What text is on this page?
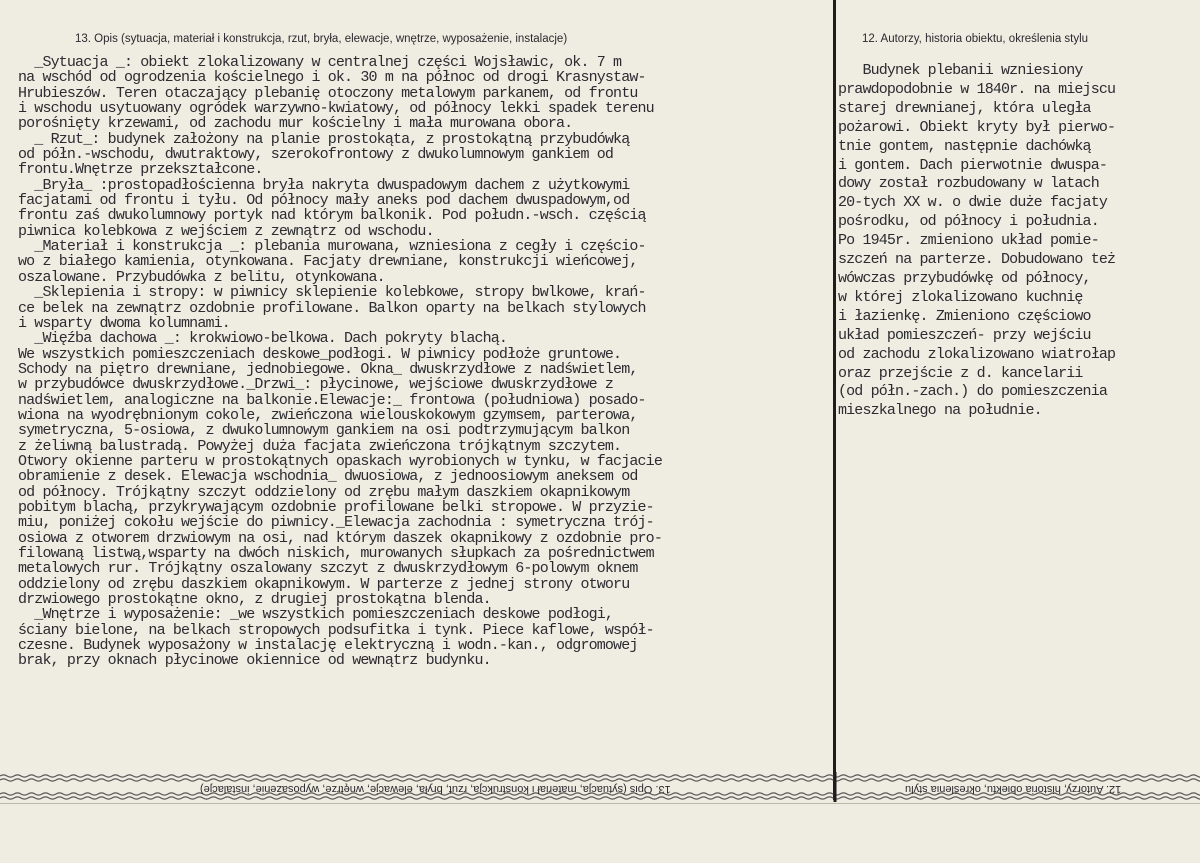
13. Opis (sytuacja, materiał i konstrukcja, rzut, bryła, elewacje, wnętrze, wyposażenie, instalacje)	12. Autorzy, historia obiektu, określenia stylu
_Sytuacja _: obiekt zlokalizowany w centralnej części Wojsławic, ok. 7 m
na wschód od ogrodzenia kościelnego i ok. 30 m na północ od drogi Krasnystaw-
Hrubieszów. Teren otaczający plebanię otoczony metalowym parkanem, od frontu
i wschodu usytuowany ogródek warzywno-kwiatowy, od północy lekki spadek terenu
porośnięty krzewami, od zachodu mur kościelny i mała murowana obora.
_ Rzut_: budynek założony na planie prostokąta, z prostokątną przybudówką
od półn.-wschodu, dwutraktowy, szerokofrontowy z dwukolumnowym gankiem od
frontu.Wnętrze przekształcone.
_Bryła_ :prostopadłościenna bryła nakryta dwuspadowym dachem z użytkowymi
facjatami od frontu i tyłu. Od północy mały aneks pod dachem dwuspadowym,od
frontu zaś dwukolumnowy portyk nad którym balkonik. Pod połudn.-wsch. częścią
piwnica kolebkowa z wejściem z zewnątrz od wschodu.
_Materiał i konstrukcja _: plebania murowana, wzniesiona z cegły i częścio-
wo z białego kamienia, otynkowana. Facjaty drewniane, konstrukcji wieńcowej,
oszalowane. Przybudówka z belitu, otynkowana.
_Sklepienia i stropy: w piwnicy sklepienie kolebkowe, stropy bwlkowe, krań-
ce belek na zewnątrz ozdobnie profilowane. Balkon oparty na belkach stylowych
i wsparty dwoma kolumnami.
_Więźba dachowa _: krokwiowo-belkowa. Dach pokryty blachą.
We wszystkich pomieszczeniach deskowe_podłogi. W piwnicy podłoże gruntowe.
Schody na piętro drewniane, jednobiegowe. Okna_ dwuskrzydłowe z nadświetlem,
w przybudówce dwuskrzydłowe._Drzwi_: płycinowe, wejściowe dwuskrzydłowe z
nadświetlem, analogiczne na balkonie.Elewacje:_ frontowa (południowa) posado-
wiona na wyodrębnionym cokole, zwieńczona wielouskokowym gzymsem, parterowa,
symetryczna, 5-osiowa, z dwukolumnowym gankiem na osi podtrzymującym balkon
z żeliwną balustradą. Powyżej duża facjata zwieńczona trójkątnym szczytem.
Otwory okienne parteru w prostokątnych opaskach wyrobionych w tynku, w facjacie
obramienie z desek. Elewacja wschodnia_ dwuosiowa, z jednoosiowym aneksem od
od północy. Trójkątny szczyt oddzielony od zrębu małym daszkiem okapnikowym
pobitym blachą, przykrywającym ozdobnie profilowane belki stropowe. W przyzie-
miu, poniżej cokołu wejście do piwnicy._Elewacja zachodnia : symetryczna trój-
osiowa z otworem drzwiowym na osi, nad którym daszek okapnikowy z ozdobnie pro-
filowaną listwą,wsparty na dwóch niskich, murowanych słupkach za pośrednictwem
metalowych rur. Trójkątny oszalowany szczyt z dwuskrzydłowym 6-polowym oknem
oddzielony od zrębu daszkiem okapnikowym. W parterze z jednej strony otworu
drzwiowego prostokątne okno, z drugiej prostokątna blenda.
_Wnętrze i wyposażenie: _we wszystkich pomieszczeniach deskowe podłogi,
ściany bielone, na belkach stropowych podsufitka i tynk. Piece kaflowe, współ-
czesne. Budynek wyposażony w instalację elektryczną i wodn.-kan., odgromowej
brak, przy oknach płycinowe okiennice od wewnątrz budynku.
Budynek plebanii wzniesiony
prawdopodobnie w 1840r. na miejscu
starej drewnianej, która uległa
pożarowi. Obiekt kryty był pierwo-
tnie gontem, następnie dachówką
i gontem. Dach pierwotnie dwuspa-
dowy został rozbudowany w latach
20-tych XX w. o dwie duże facjaty
pośrodku, od północy i południa.
Po 1945r. zmieniono układ pomie-
szczeń na parterze. Dobudowano też
wówczas przybudówkę od północy,
w której zlokalizowano kuchnię
i łazienkę. Zmieniono częściowo
układ pomieszczeń- przy wejściu
od zachodu zlokalizowano wiatrołap
oraz przejście z d. kancelarii
(od półn.-zach.) do pomieszczenia
mieszkalnego na południe.
13. Opis (sytuacja, materiał i konstrukcja, rzut, bryła, elewacje, wnętrze, wyposażenie, instalacje)	12. Autorzy, historia obiektu, określenia stylu
